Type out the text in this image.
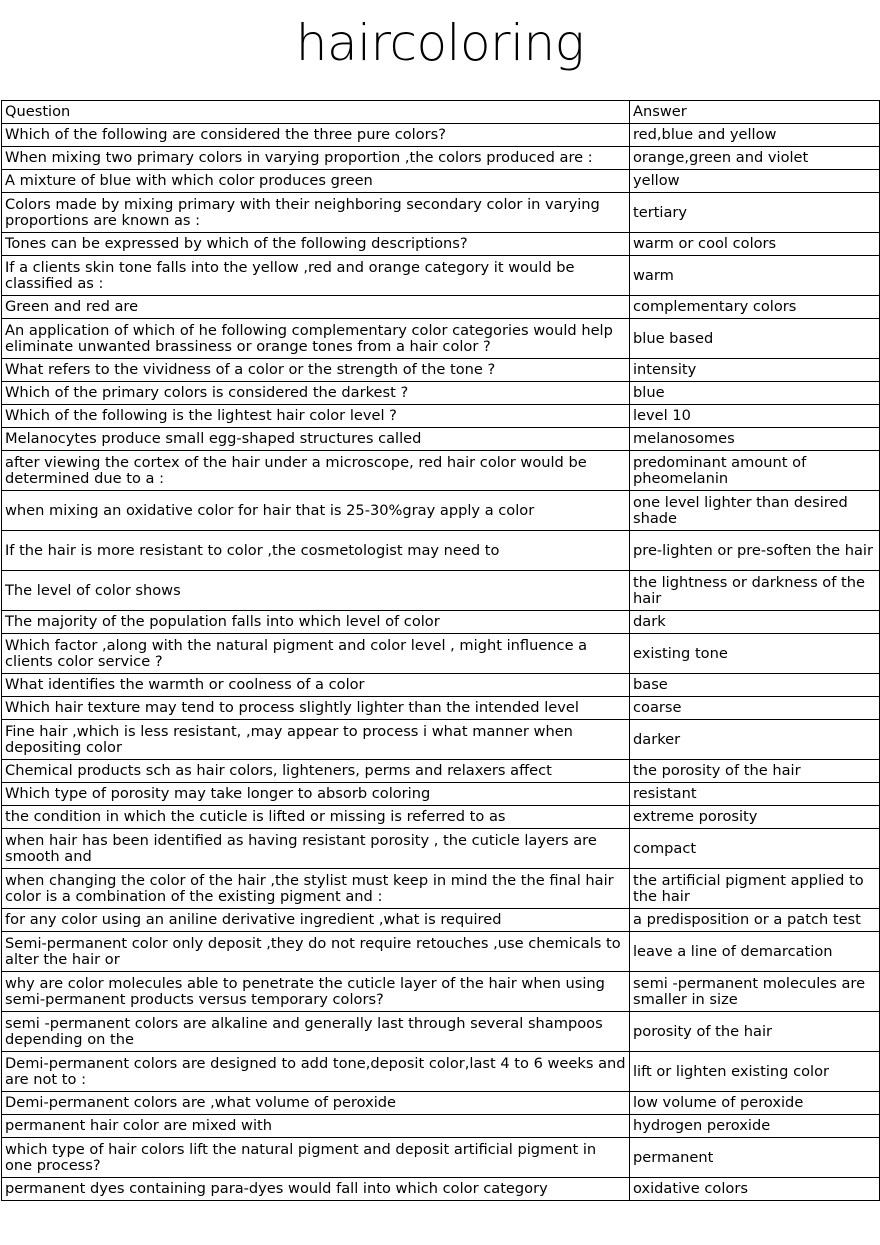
haircoloring
Question	Answer
Which of the following are considered the three pure colors?	red,blue and yellow
When mixing two primary colors in varying proportion ,the colors produced are :	orange,green and violet
A mixture of blue with which color produces green	yellow
Colors made by mixing primary with their neighboring secondary color in varying proportions are known as :	tertiary
Tones can be expressed by which of the following descriptions?	warm or cool colors
If a clients skin tone falls into the yellow ,red and orange category it would be classified as :	warm
Green and red are	complementary colors
An application of which of he following complementary color categories would help eliminate unwanted brassiness or orange tones from a hair color ?	blue based
What refers to the vividness of a color or the strength of the tone ?	intensity
Which of the primary colors is considered the darkest ?	blue
Which of the following is the lightest hair color level ?	level 10
Melanocytes produce small egg-shaped structures called	melanosomes
after viewing the cortex of the hair under a microscope, red hair color would be determined due to a :	predominant amount of pheomelanin
when mixing an oxidative color for hair that is 25-30%gray apply a color	one level lighter than desired shade
If the hair is more resistant to color ,the cosmetologist may need to	pre-lighten or pre-soften the hair
The level of color shows	the lightness or darkness of the hair
The majority of the population falls into which level of color	dark
Which factor ,along with the natural pigment and color level , might influence a clients color service ?	existing tone
What identifies the warmth or coolness of a color	base
Which hair texture may tend to process slightly lighter than the intended level	coarse
Fine hair ,which is less resistant, ,may appear to process i what manner when depositing color	darker
Chemical products sch as hair colors, lighteners, perms and relaxers affect	the porosity of the hair
Which type of porosity may take longer to absorb coloring	resistant
the condition in which the cuticle is lifted or missing is referred to as	extreme porosity
when hair has been identified as having resistant porosity , the cuticle layers are smooth and	compact
when changing the color of the hair ,the stylist must keep in mind the the final hair color is a combination of the existing pigment and :	the artificial pigment applied to the hair
for any color using an aniline derivative ingredient ,what is required	a predisposition or a patch test
Semi-permanent color only deposit ,they do not require retouches ,use chemicals to alter the hair or	leave a line of demarcation
why are color molecules able to penetrate the cuticle layer of the hair when using semi-permanent products versus temporary colors?	semi -permanent molecules are smaller in size
semi -permanent colors are alkaline and generally last through several shampoos depending on the	porosity of the hair
Demi-permanent colors are designed to add tone,deposit color,last 4 to 6 weeks and are not to :	lift or lighten existing color
Demi-permanent colors are ,what volume of peroxide	low volume of peroxide
permanent hair color are mixed with	hydrogen peroxide
which type of hair colors lift the natural pigment and deposit artificial pigment in one process?	permanent
permanent dyes containing para-dyes would fall into which color category	oxidative colors
